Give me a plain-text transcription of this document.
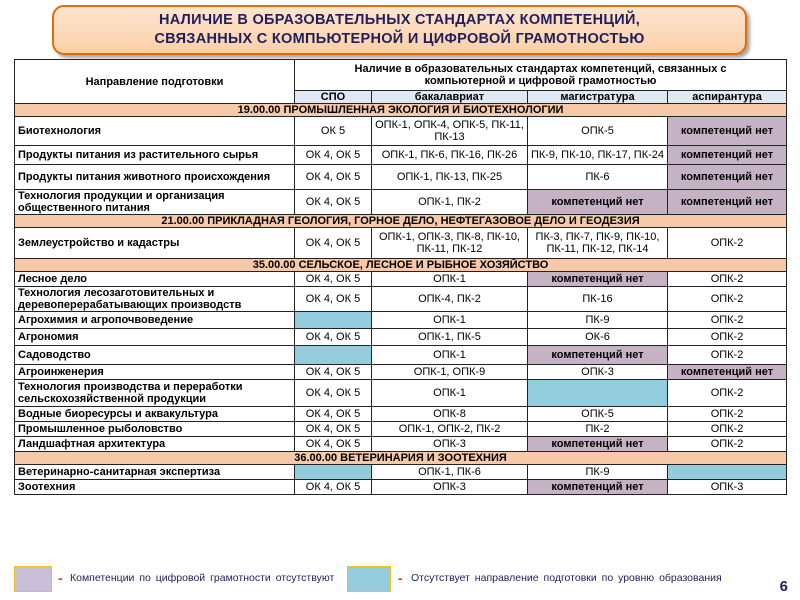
НАЛИЧИЕ В ОБРАЗОВАТЕЛЬНЫХ СТАНДАРТАХ КОМПЕТЕНЦИЙ,
СВЯЗАННЫХ С КОМПЬЮТЕРНОЙ И ЦИФРОВОЙ ГРАМОТНОСТЬЮ
Направление подготовки	Наличие в образовательных стандартах компетенций, связанных с компьютерной и цифровой грамотностью			
	СПО	бакалавриат	магистратура	аспирантура
19.00.00 ПРОМЫШЛЕННАЯ ЭКОЛОГИЯ И БИОТЕХНОЛОГИИ				
Биотехнология	ОК 5	ОПК-1, ОПК-4, ОПК-5, ПК-11, ПК-13	ОПК-5	компетенций нет
Продукты питания из растительного сырья	ОК 4, ОК 5	ОПК-1, ПК-6, ПК-16, ПК-26	ПК-9, ПК-10, ПК-17, ПК-24	компетенций нет
Продукты питания животного происхождения	ОК 4, ОК 5	ОПК-1, ПК-13, ПК-25	ПК-6	компетенций нет
Технология продукции и организация общественного питания	ОК 4, ОК 5	ОПК-1, ПК-2	компетенций нет	компетенций нет
21.00.00 ПРИКЛАДНАЯ ГЕОЛОГИЯ, ГОРНОЕ ДЕЛО, НЕФТЕГАЗОВОЕ ДЕЛО И ГЕОДЕЗИЯ				
Землеустройство и кадастры	ОК 4, ОК 5	ОПК-1, ОПК-3, ПК-8, ПК-10, ПК-11, ПК-12	ПК-3, ПК-7, ПК-9, ПК-10, ПК-11, ПК-12, ПК-14	ОПК-2
35.00.00 СЕЛЬСКОЕ, ЛЕСНОЕ И РЫБНОЕ ХОЗЯЙСТВО				
Лесное дело	ОК 4, ОК 5	ОПК-1	компетенций нет	ОПК-2
Технология лесозаготовительных и деревоперерабатывающих производств	ОК 4, ОК 5	ОПК-4, ПК-2	ПК-16	ОПК-2
Агрохимия и агропочвоведение		ОПК-1	ПК-9	ОПК-2
Агрономия	ОК 4, ОК 5	ОПК-1, ПК-5	ОК-6	ОПК-2
Садоводство		ОПК-1	компетенций нет	ОПК-2
Агроинженерия	ОК 4, ОК 5	ОПК-1, ОПК-9	ОПК-3	компетенций нет
Технология производства и переработки сельскохозяйственной продукции	ОК 4, ОК 5	ОПК-1		ОПК-2
Водные биоресурсы и аквакультура	ОК 4, ОК 5	ОПК-8	ОПК-5	ОПК-2
Промышленное рыболовство	ОК 4, ОК 5	ОПК-1, ОПК-2, ПК-2	ПК-2	ОПК-2
Ландшафтная архитектура	ОК 4, ОК 5	ОПК-3	компетенций нет	ОПК-2
36.00.00 ВЕТЕРИНАРИЯ И ЗООТЕХНИЯ				
Ветеринарно-санитарная экспертиза		ОПК-1, ПК-6	ПК-9	
Зоотехния	ОК 4, ОК 5	ОПК-3	компетенций нет	ОПК-3
- Компетенции по цифровой грамотности отсутствуют	- Отсутствует направление подготовки по уровню образования	6
